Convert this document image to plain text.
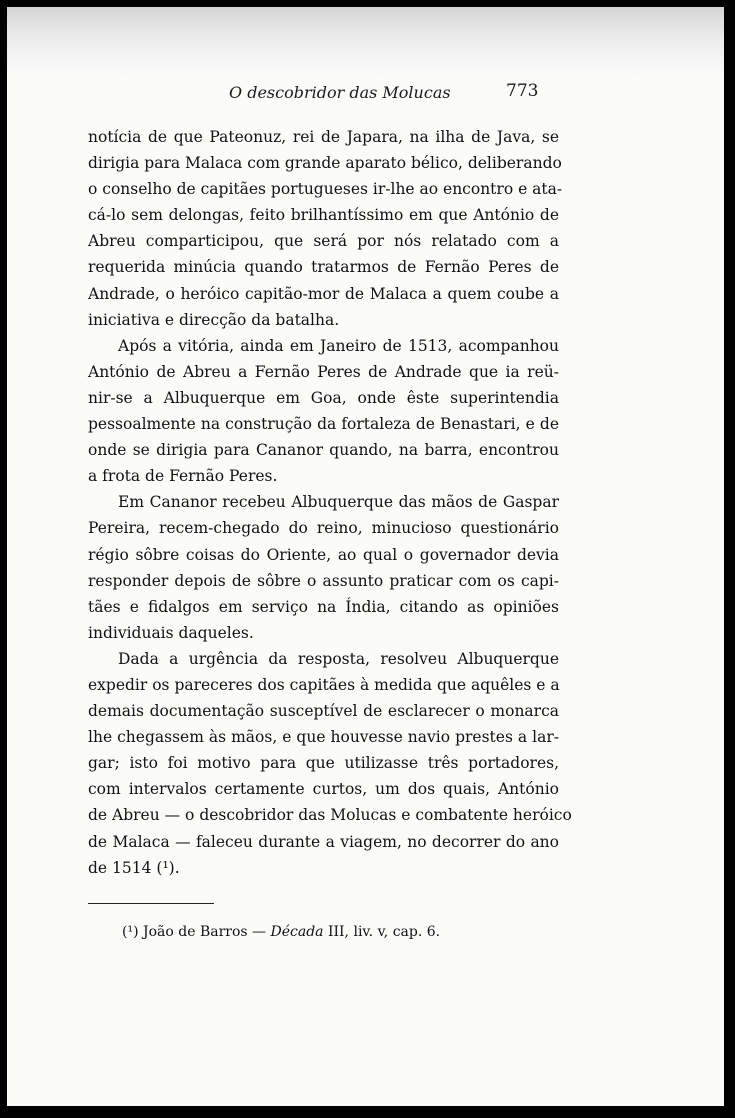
O descobridor das Molucas	773
notícia de que Pateonuz, rei de Japara, na ilha de Java, se
dirigia para Malaca com grande aparato bélico, deliberando
o conselho de capitães portugueses ir-lhe ao encontro e ata-
cá-lo sem delongas, feito brilhantíssimo em que António de
Abreu comparticipou, que será por nós relatado com a
requerida minúcia quando tratarmos de Fernão Peres de
Andrade, o heróico capitão-mor de Malaca a quem coube a
iniciativa e direcção da batalha.
Após a vitória, ainda em Janeiro de 1513, acompanhou
António de Abreu a Fernão Peres de Andrade que ia reü-
nir-se a Albuquerque em Goa, onde êste superintendia
pessoalmente na construção da fortaleza de Benastari, e de
onde se dirigia para Cananor quando, na barra, encontrou
a frota de Fernão Peres.
Em Cananor recebeu Albuquerque das mãos de Gaspar
Pereira, recem-chegado do reino, minucioso questionário
régio sôbre coisas do Oriente, ao qual o governador devia
responder depois de sôbre o assunto praticar com os capi-
tães e fidalgos em serviço na Índia, citando as opiniões
individuais daqueles.
Dada a urgência da resposta, resolveu Albuquerque
expedir os pareceres dos capitães à medida que aquêles e a
demais documentação susceptível de esclarecer o monarca
lhe chegassem às mãos, e que houvesse navio prestes a lar-
gar; isto foi motivo para que utilizasse três portadores,
com intervalos certamente curtos, um dos quais, António
de Abreu — o descobridor das Molucas e combatente heróico
de Malaca — faleceu durante a viagem, no decorrer do ano
de 1514 (¹).
(¹) João de Barros — Década III, liv. v, cap. 6.
